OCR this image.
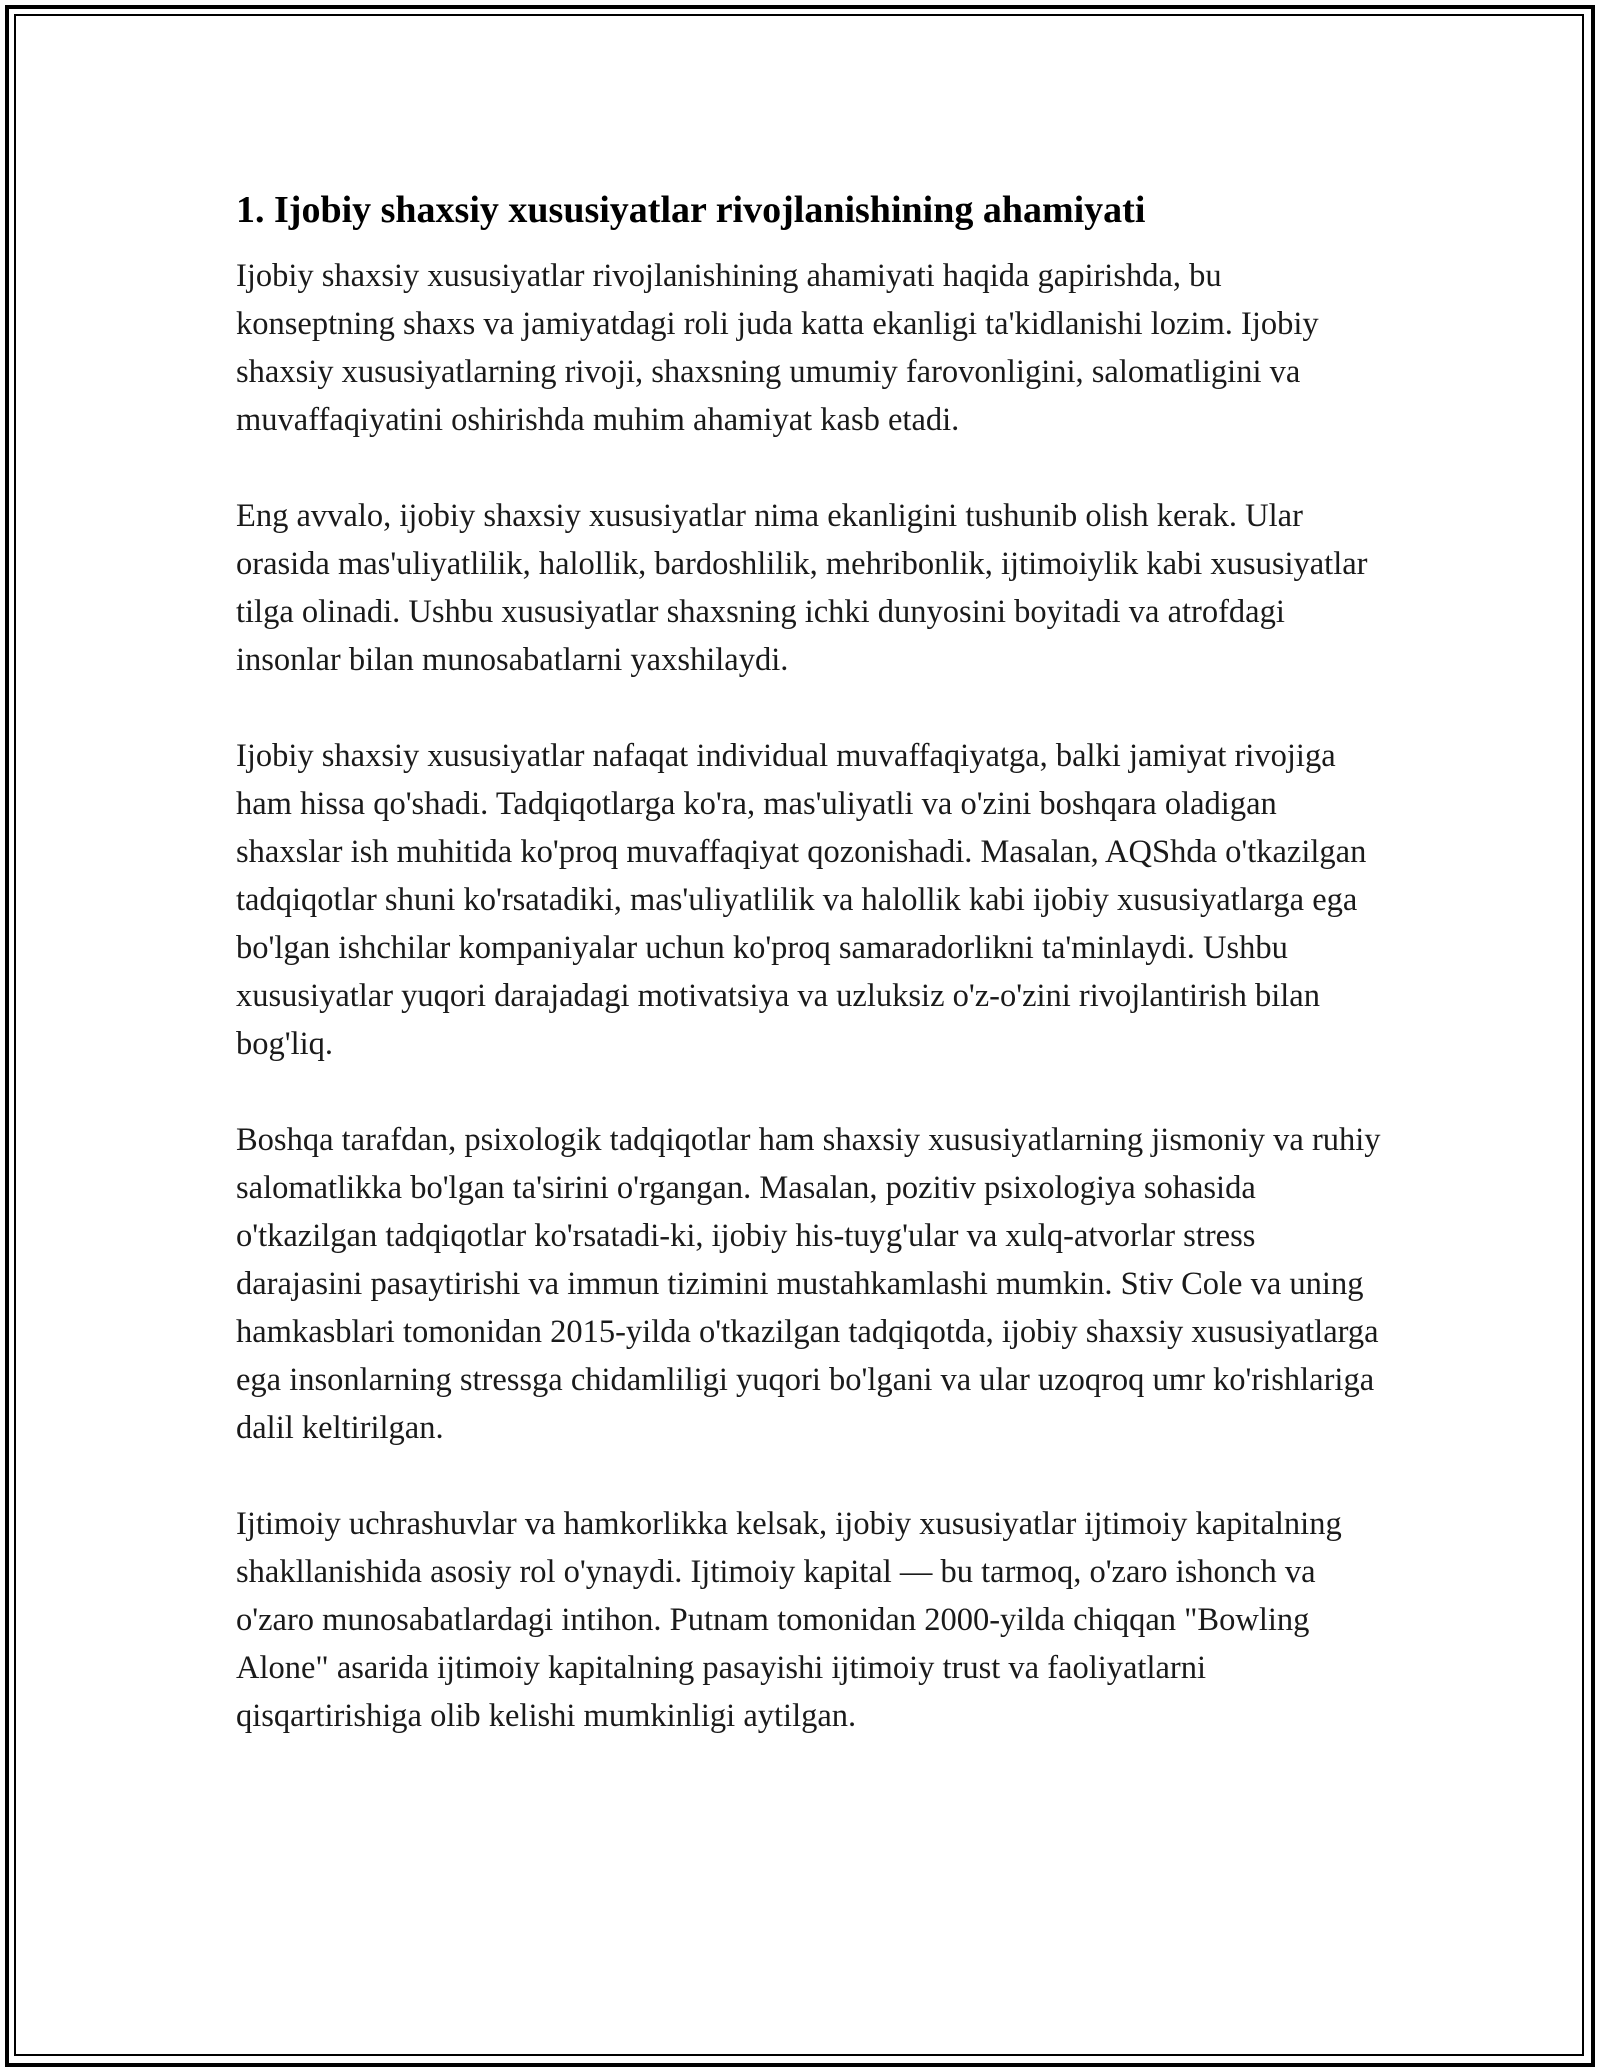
1. Ijobiy shaxsiy xususiyatlar rivojlanishining ahamiyati

Ijobiy shaxsiy xususiyatlar rivojlanishining ahamiyati haqida gapirishda, bu konseptning shaxs va jamiyatdagi roli juda katta ekanligi ta'kidlanishi lozim. Ijobiy shaxsiy xususiyatlarning rivoji, shaxsning umumiy farovonligini, salomatligini va muvaffaqiyatini oshirishda muhim ahamiyat kasb etadi.

Eng avvalo, ijobiy shaxsiy xususiyatlar nima ekanligini tushunib olish kerak. Ular orasida mas'uliyatlilik, halollik, bardoshlilik, mehribonlik, ijtimoiylik kabi xususiyatlar tilga olinadi. Ushbu xususiyatlar shaxsning ichki dunyosini boyitadi va atrofdagi insonlar bilan munosabatlarni yaxshilaydi.

Ijobiy shaxsiy xususiyatlar nafaqat individual muvaffaqiyatga, balki jamiyat rivojiga ham hissa qo'shadi. Tadqiqotlarga ko'ra, mas'uliyatli va o'zini boshqara oladigan shaxslar ish muhitida ko'proq muvaffaqiyat qozonishadi. Masalan, AQShda o'tkazilgan tadqiqotlar shuni ko'rsatadiki, mas'uliyatlilik va halollik kabi ijobiy xususiyatlarga ega bo'lgan ishchilar kompaniyalar uchun ko'proq samaradorlikni ta'minlaydi. Ushbu xususiyatlar yuqori darajadagi motivatsiya va uzluksiz o'z-o'zini rivojlantirish bilan bog'liq.

Boshqa tarafdan, psixologik tadqiqotlar ham shaxsiy xususiyatlarning jismoniy va ruhiy salomatlikka bo'lgan ta'sirini o'rgangan. Masalan, pozitiv psixologiya sohasida o'tkazilgan tadqiqotlar ko'rsatadi-ki, ijobiy his-tuyg'ular va xulq-atvorlar stress darajasini pasaytirishi va immun tizimini mustahkamlashi mumkin. Stiv Cole va uning hamkasblari tomonidan 2015-yilda o'tkazilgan tadqiqotda, ijobiy shaxsiy xususiyatlarga ega insonlarning stressga chidamliligi yuqori bo'lgani va ular uzoqroq umr ko'rishlariga dalil keltirilgan.

Ijtimoiy uchrashuvlar va hamkorlikka kelsak, ijobiy xususiyatlar ijtimoiy kapitalning shakllanishida asosiy rol o'ynaydi. Ijtimoiy kapital — bu tarmoq, o'zaro ishonch va o'zaro munosabatlardagi intihon. Putnam tomonidan 2000-yilda chiqqan "Bowling Alone" asarida ijtimoiy kapitalning pasayishi ijtimoiy trust va faoliyatlarni qisqartirishiga olib kelishi mumkinligi aytilgan.
